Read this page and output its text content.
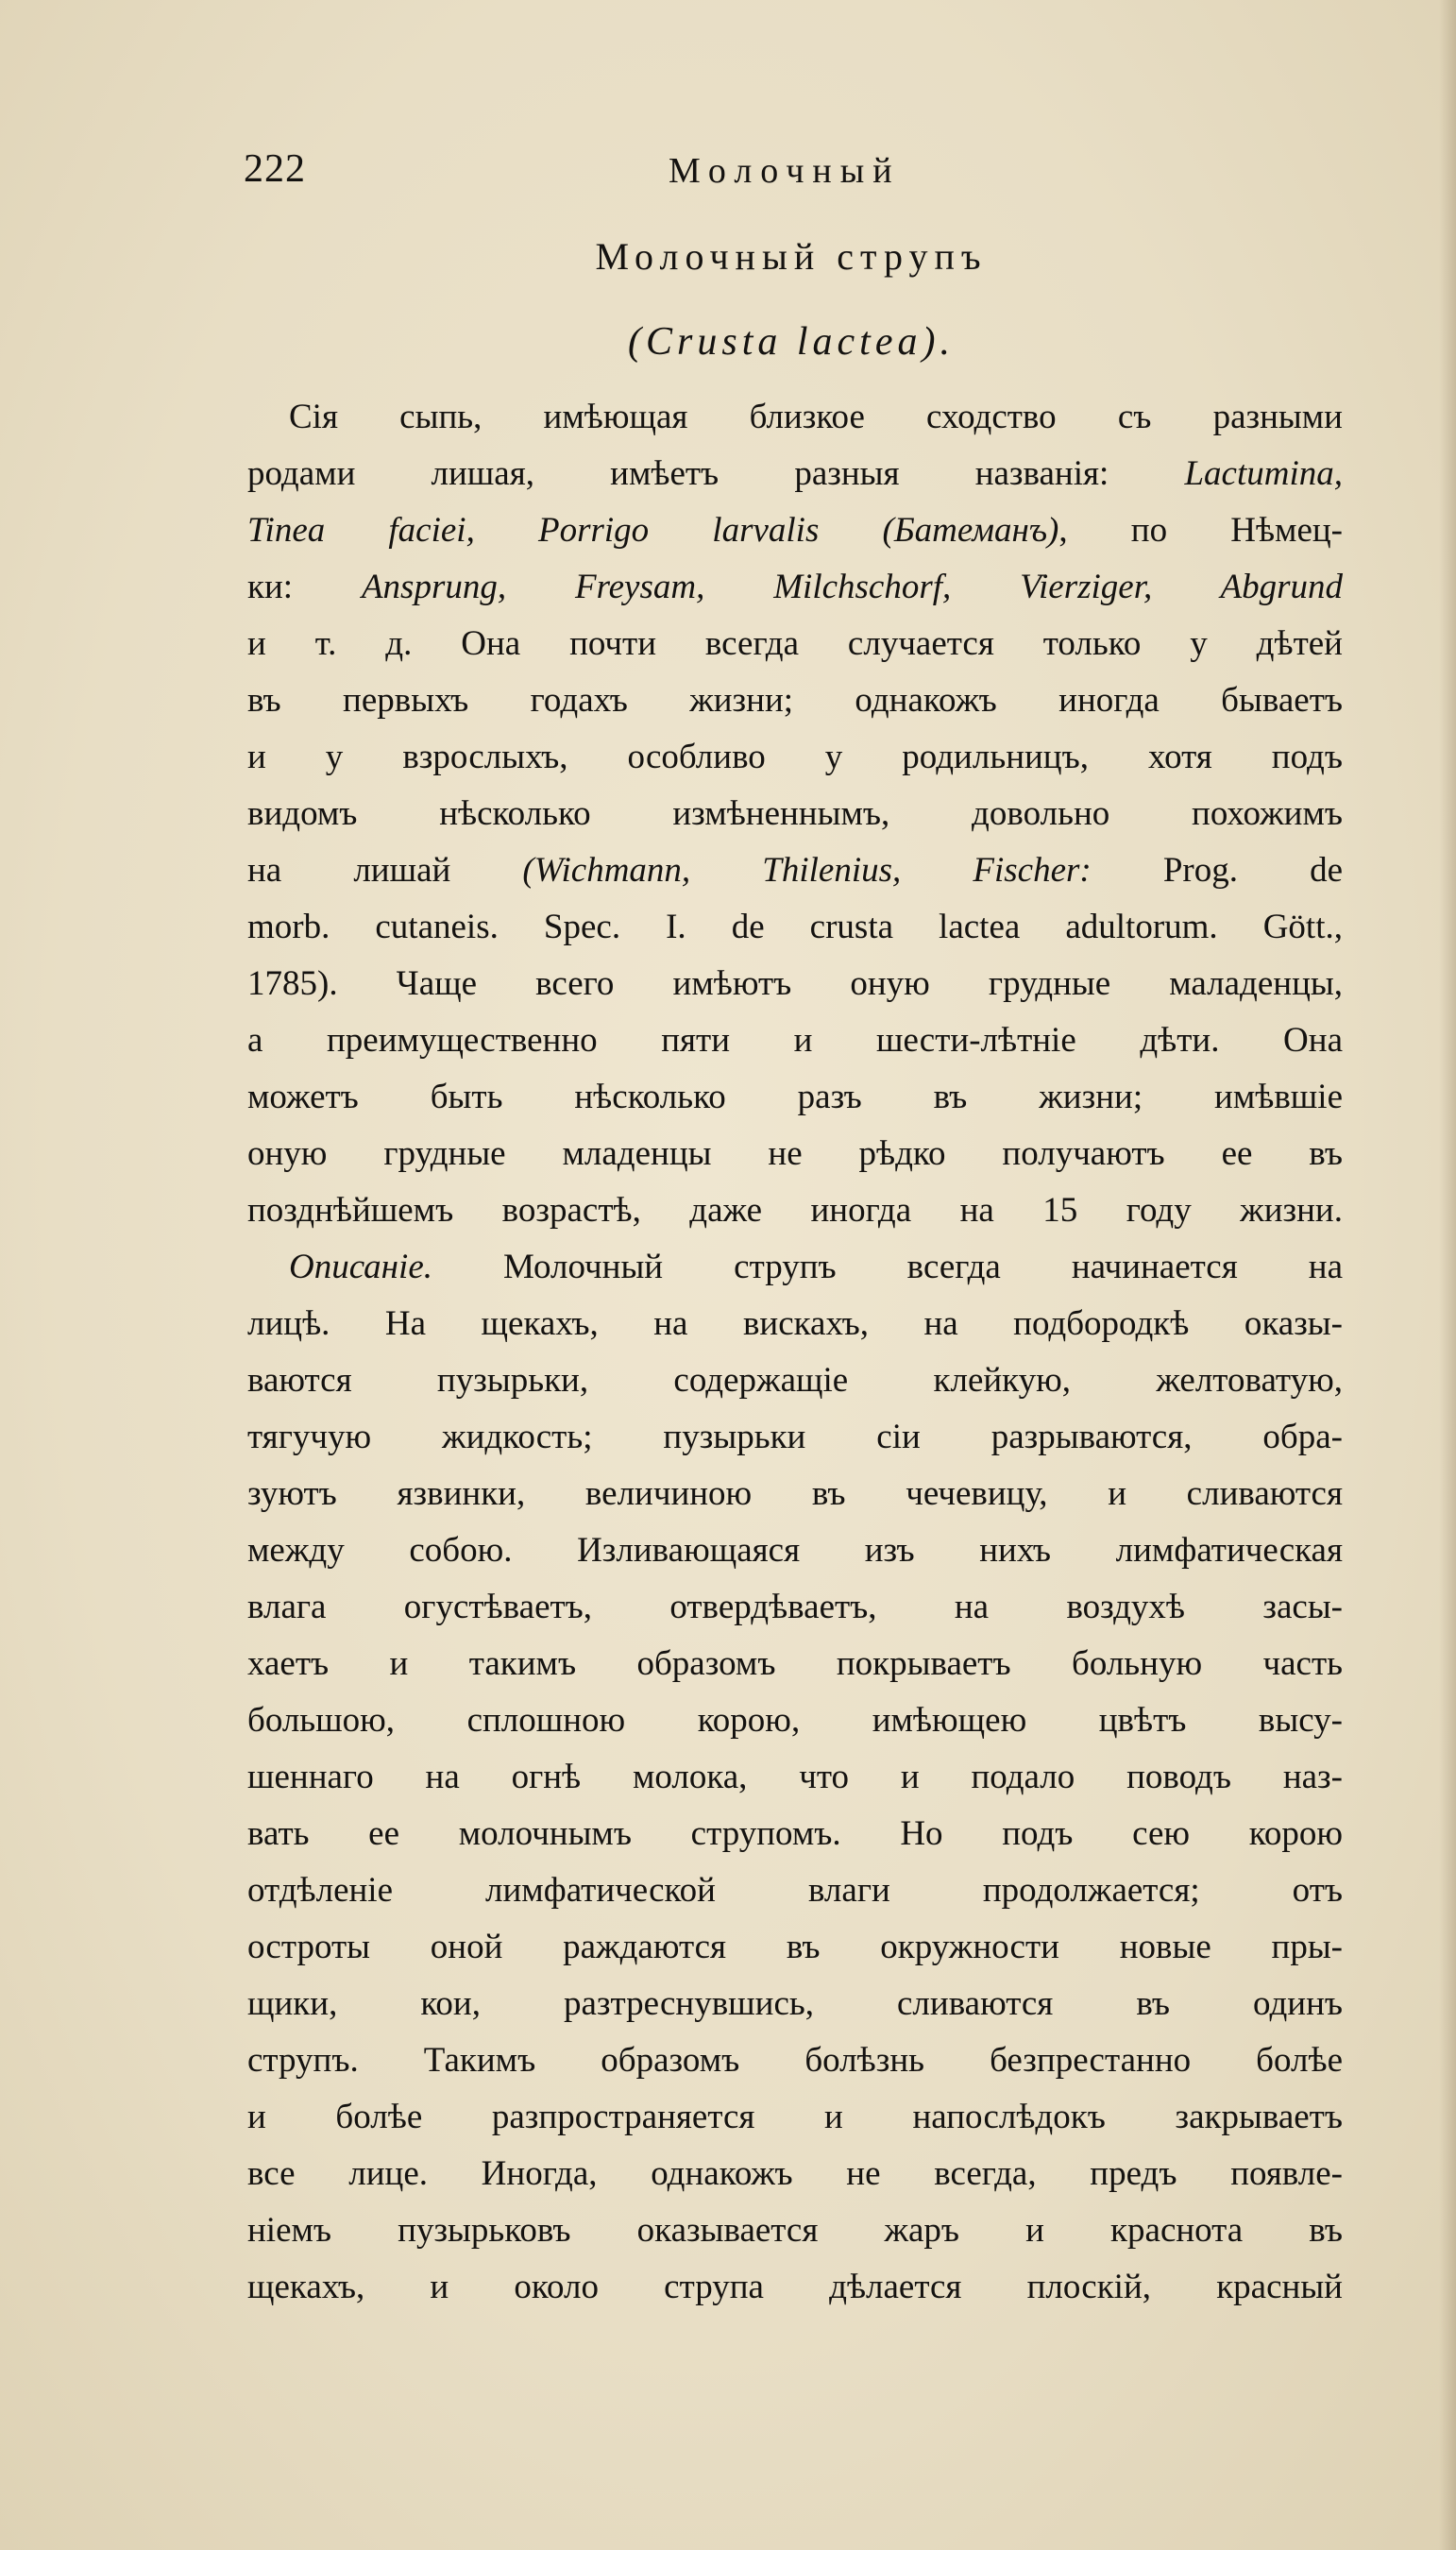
222	Молочный
Молочный струпъ
(Crusta lactea).
Сія сыпь, имѣющая близкое сходство съ разными
родами лишая, имѣетъ разныя названія: Lactumina,
Tinea faciei, Porrigo larvalis (Батеманъ), по Нѣмец-
ки: Ansprung, Freysam, Milchschorf, Vierziger, Abgrund
и т. д. Она почти всегда случается только у дѣтей
въ первыхъ годахъ жизни; однакожъ иногда бываетъ
и у взрослыхъ, особливо у родильницъ, хотя подъ
видомъ нѣсколько измѣненнымъ, довольно похожимъ
на лишай (Wichmann, Thilenius, Fischer: Prog. de
morb. cutaneis. Spec. I. de crusta lactea adultorum. Gött.,
1785). Чаще всего имѣютъ оную грудные маладенцы,
а преимущественно пяти и шести-лѣтніе дѣти. Она
можетъ быть нѣсколько разъ въ жизни; имѣвшіе
оную грудные младенцы не рѣдко получаютъ ее въ
позднѣйшемъ возрастѣ, даже иногда на 15 году жизни.
Описаніе. Молочный струпъ всегда начинается на
лицѣ. На щекахъ, на вискахъ, на подбородкѣ оказы-
ваются пузырьки, содержащіе клейкую, желтоватую,
тягучую жидкость; пузырьки сіи разрываются, обра-
зуютъ язвинки, величиною въ чечевицу, и сливаются
между собою. Изливающаяся изъ нихъ лимфатическая
влага огустѣваетъ, отвердѣваетъ, на воздухѣ засы-
хаетъ и такимъ образомъ покрываетъ больную часть
большою, сплошною корою, имѣющею цвѣтъ высу-
шеннаго на огнѣ молока, что и подало поводъ наз-
вать ее молочнымъ струпомъ. Но подъ сею корою
отдѣленіе лимфатической влаги продолжается; отъ
остроты оной раждаются въ окружности новые пры-
щики, кои, разтреснувшись, сливаются въ одинъ
струпъ. Такимъ образомъ болѣзнь безпрестанно болѣе
и болѣе разпространяется и напослѣдокъ закрываетъ
все лице. Иногда, однакожъ не всегда, предъ появле-
ніемъ пузырьковъ оказывается жаръ и краснота въ
щекахъ, и около струпа дѣлается плоскій, красный
